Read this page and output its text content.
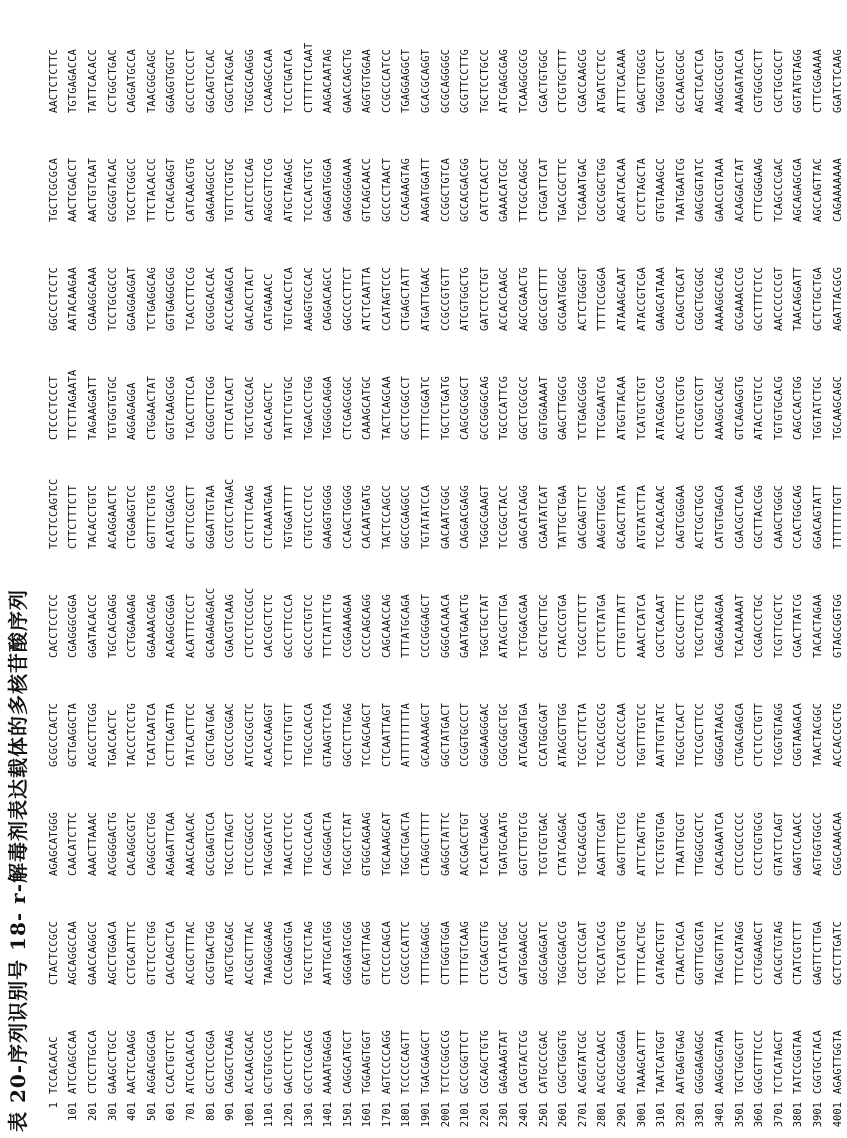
表 20-序列识别号 18- r-解毒剂表达载体的多核苷酸序列 1
TCCACACAC
CTACTCCGCC
AGAGCATGGG
GCGCCCACTC
CACCTCCTCC
TCCTCCAGTCC
CTCCCTCCCT
GGCCCTCCTC
TGCTCGCGCA
AACTCTCTTC
101
ATCCAGCCAA
AGCAGGCCAA
CAACATCTTC
GCTGAGGCTA
CGAGGGCGGA
CTTCTTTCTT
TTCTTAGAATA
AATACAAGAA
AACTCGACCT
TGTGAGACCA
201
CTCCTTGCCA
GAACCAGGCC
AAACTTAAAC
ACGCCTTCGG
GGATACACCC
TACACCTGTC
TAGAAGGATT
CGAAGGCAAA
AACTGTCAAT
TATTCACACC
301
GAAGCCTGCC
AGCCTGGACA
ACGGGGACTG
TGACCACTC
TGCCACGAGG
ACAGGAACTC
TGTGGTGTGC
TCCTGCGCCC
GCGGGTACAC
CCTGGCTGAC
401
AACTCCAAGG
CCTGCATTTC
CACAGGCGTC
TACCCTCCTG
CCTGGAAGAG
CTGGAGGTCC
AGGAGAGGA
GGAGGAGGAT
TGCCTCGGCC
CAGGATGCCA
501
AGGACGGCGA
GTCTCCCTGG
CAGGCCCTGG
TCATCAATCA
GGAAAACGAG
GGTTTCTGTG
CTGGAACTAT
TCTGAGGCAG
TTCTACACCC
TAACGGCAGC
601
CCACTGTCTC
CACCAGCTCA
AGAGATTCAA
CCTTCAGTTA
ACAGGCGGGA
ACATCGGACG
GGTCAAGCGG
GGTGAGGCGG
CTCACGAGGT
GGAGGTGGTC
701
ATCCACACCA
ACCGCTTTAC
AAACCAACAC
TATCACTTCC
ACATTTCCCT
GCTTCCGCTT
TCACCTTCCA
TCACCTTCCG
CATCAACGTG
GCCCTCCCCT
801
GCCTCCCGGA
GCGTGACTGG
GCCGAGTCCA
CGCTGATGAC
GCAGAGAGACC
GGGATTGTAA
GCGGCTTCGG
GCGGCACCAC
GAGAAGGCCC
GGCAGTCCAC
901
CAGGCTCAAG
ATGCTGCAGC
TGCCCTAGCT
CGCCCCGGAC
CGACGTCAAG
CCGTCCTAGAC
CTTCATCACT
ACCCAGAGCA
TGTTCTGTGC
CGGCTACGAC
1001
ACCAACGCAC
ACCGCTTTAC
CTCCCGGCCC
ATCCGCGCTC
CTCCTCCCGCC
CCTCTTCAAG
TGCTCGCCAC
GACACCTACT
CATCCTCCAG
TGGCGCAGGG
1101
GCTGTGCCCG
TAAGGGGAAG
TACGGCATCC
ACACCAAGGT
CACCGCTCTC
CTCAAATGAA
GCACAGCTC
CATGAAACC
AGGCGTTCCG
CCAAGGCCAA
1201
GACCTCTCTC
CCCGAGGTGA
TAACCTCTCC
TCTTGTTGTT
GCCCTTCCCA
TGTGGATTTT
TATTCTGTGC
TGTCACCTCA
ATGCTAGAGC
TCCCTGATCA
1301
GCCTCCGACG
TGCTCTCTAG
TTGCCCACCA
TTGCCCACCA
GCCCCTGTCC
CTGTCCCTCC
TGGACCCTGG
AAGGTGCCAC
TCCCACTGTC
CTTTTCTCAAT
1401
AAAATGAGGA
AATTGCATGG
CACGGGACTA
GTAAGTCTCA
TTCTATTCTG
GAAGGTGGGG
TGGGGCAGGA
CAGGACAGCC
GAGGATGGGA
AAGACAATAG
1501
CAGGCATGCT
GGGGATGCGG
TGCGCTCTAT
GGCTCTTGAG
CCGGAAAGAA
CCAGCTGGGG
CTCGAGCGGC
GGCCCCTTCT
GAGGGGGAAA
GAACCAGCTG
1601
TGGAAGTGGT
GTCAGTTAGG
GTGGCAGAAG
TCCAGCAGCT
CCCCAGCAGG
CACAATGATG
CAAAGCATGC
ATCTCAATTA
GTCAGCAACC
AGGTGTGGAA
1701
AGTCCCCAGG
CTCCCCAGCA
TGCAAAGCAT
CTCAATTAGT
CAGCAACCAG
TACTCCAGCC
TACTCAGCAA
CCATAGTCCC
GCCCCTAACT
CCGCCCATCC
1801
TCCCCCAGTT
CCGCCCATTC
TGGCTGACTA
ATTTTTTTTA
TTTATGCAGA
GGCCGAGGCC
GCCTCGGCCT
CTGAGCTATT
CCAGAAGTAG
TGAGGAGGCT
1901
TGACGAGGCT
TTTTGGAGGC
CTAGGCTTTT
GCAAAAAGCT
CCCGGGAGCT
TGTATATCCA
TTTTCGGATC
ATGATTGAAC
AAGATGGATT
GCACGCAGGT
2001
TCTCCGGCCG
CTTGGGTGGA
GAGGCTATTC
GGCTATGACT
GGGCACAACA
GACAATCGGC
TGCTCTGATG
CCGCCGTGTT
CCGGCTGTCA
GCGCAGGGGC
2101
GCCCGGTTCT
TTTTGTCAAG
ACCGACCTGT
CCGGTGCCCT
GAATGAACTG
CAGGACGAGG
CAGCGCGGCT
ATCGTGGCTG
GCCACGACGG
GCGTTCCTTG
2201
CGCAGCTGTG
CTCGACGTTG
TCACTGAAGC
GGGAAGGGAC
TGGCTGCTAT
TGGGCGAAGT
GCCGGGGCAG
GATCTCCTGT
CATCTCACCT
TGCTCCTGCC
2301
GAGAAAGTAT
CCATCATGGC
TGATGCAATG
CGGCGGCTGC
ATACGCTTGA
TCCGGCTACC
TGCCCATTCG
ACCACCAAGC
GAAACATCGC
ATCGAGCGAG
2401
CACGTACTCG
GATGGAAGCC
GGTCTTGTCG
ATCAGGATGA
TCTGGACGAA
GAGCATCAGG
GGCTCGCGCC
AGCCGAACTG
TTCGCCAGGC
TCAAGGCGCG
2501
CATGCCCGAC
GGCGAGGATC
TCGTCGTGAC
CCATGGCGAT
GCCTGCTTGC
CGAATATCAT
GGTGGAAAAT
GGCCGCTTTT
CTGGATTCAT
CGACTGTGGC
2601
CGGCTGGGTG
TGGCGGACCG
CTATCAGGAC
ATAGCGTTGG
CTACCCGTGA
TATTGCTGAA
GAGCTTGGCG
GCGAATGGGC
TGACCGCTTC
CTCGTGCTTT
2701
ACGGTATCGC
CGCTCCCGAT
TCGCAGCGCA
TCGCCTTCTA
TCGCCTTCTT
GACGAGTTCT
TCTGAGCGGG
ACTCTGGGGT
TCGAAATGAC
CGACCAAGCG
2801
ACGCCCAACC
TGCCATCACG
AGATTTCGAT
TCCACCGCCG
CCTTCTATGA
AAGGTTGGGC
TTCGGAATCG
TTTTCCGGGA
CGCCGGCTGG
ATGATCCTCC
2901
AGCGCGGGGA
TCTCATGCTG
GAGTTCTTCG
CCCACCCCAA
CTTGTTTATT
GCAGCTTATA
ATGGTTACAA
ATAAAGCAAT
AGCATCACAA
ATTTCACAAA
3001
TAAAGCATTT
TTTTCACTGC
ATTCTAGTTG
TGGTTTGTCC
AAACTCATCA
ATGTATCTTA
TCATGTCTGT
ATACCGTCGA
CCTCTAGCTA
GAGCTTGGCG
3101
TAATCATGGT
CATAGCTGTT
TCCTGTGTGA
AATTGTTATC
CGCTCACAAT
TCCACACAAC
ATACGAGCCG
GAAGCATAAA
GTGTAAAGCC
TGGGGTGCCT
3201
AATGAGTGAG
CTAACTCACA
TTAATTGCGT
TGCGCTCACT
GCCCGCTTTC
CAGTCGGGAA
ACCTGTCGTG
CCAGCTGCAT
TAATGAATCG
GCCAACGCGC
3301
GGGGAGAGGC
GGTTTGCGTA
TTGGGCGCTC
TTCCGCTTCC
TCGCTCACTG
ACTCGCTGCG
CTCGGTCGTT
CGGCTGCGGC
GAGCGGTATC
AGCTCACTCA
3401
AAGGCGGTAA
TACGGTTATC
CACAGAATCA
GGGGATAACG
CAGGAAAGAA
CATGTGAGCA
AAAGGCCAGC
AAAAGGCCAG
GAACCGTAAA
AAGGCCGCGT
3501
TGCTGGCGTT
TTTCCATAGG
CTCCGCCCCC
CTGACGAGCA
TCACAAAAAT
CGACGCTCAA
GTCAGAGGTG
GCGAAACCCG
ACAGGACTAT
AAAGATACCA
3601
GGCGTTTCCC
CCTGGAAGCT
CCCTCGTGCG
CTCTCCTGTT
CCGACCCTGC
CGCTTACCGG
ATACCTGTCC
GCCTTTCTCC
CTTCGGGAAG
CGTGGCGCTT
3701
TCTCATAGCT
CACGCTGTAG
GTATCTCAGT
TCGGTGTAGG
TCGTTCGCTC
CAAGCTGGGC
TGTGTGCACG
AACCCCCCGT
TCAGCCCGAC
CGCTGCGCCT
3801
TATCCGGTAA
CTATCGTCTT
GAGTCCAACC
CGGTAAGACA
CGACTTATCG
CCACTGGCAG
CAGCCACTGG
TAACAGGATT
AGCAGAGCGA
GGTATGTAGG
3901
CGGTGCTACA
GAGTTCTTGA
AGTGGTGGCC
TAACTACGGC
TACACTAGAA
GGACAGTATT
TGGTATCTGC
GCTCTGCTGA
AGCCAGTTAC
CTTCGGAAAA
4001
AGAGTTGGTA
GCTCTTGATC
CGGCAAACAA
ACCACCGCTG
GTAGCGGTGG
TTTTTTTGTT
TGCAAGCAGC
AGATTACGCG
CAGAAAAAAA
GGATCTCAAG
